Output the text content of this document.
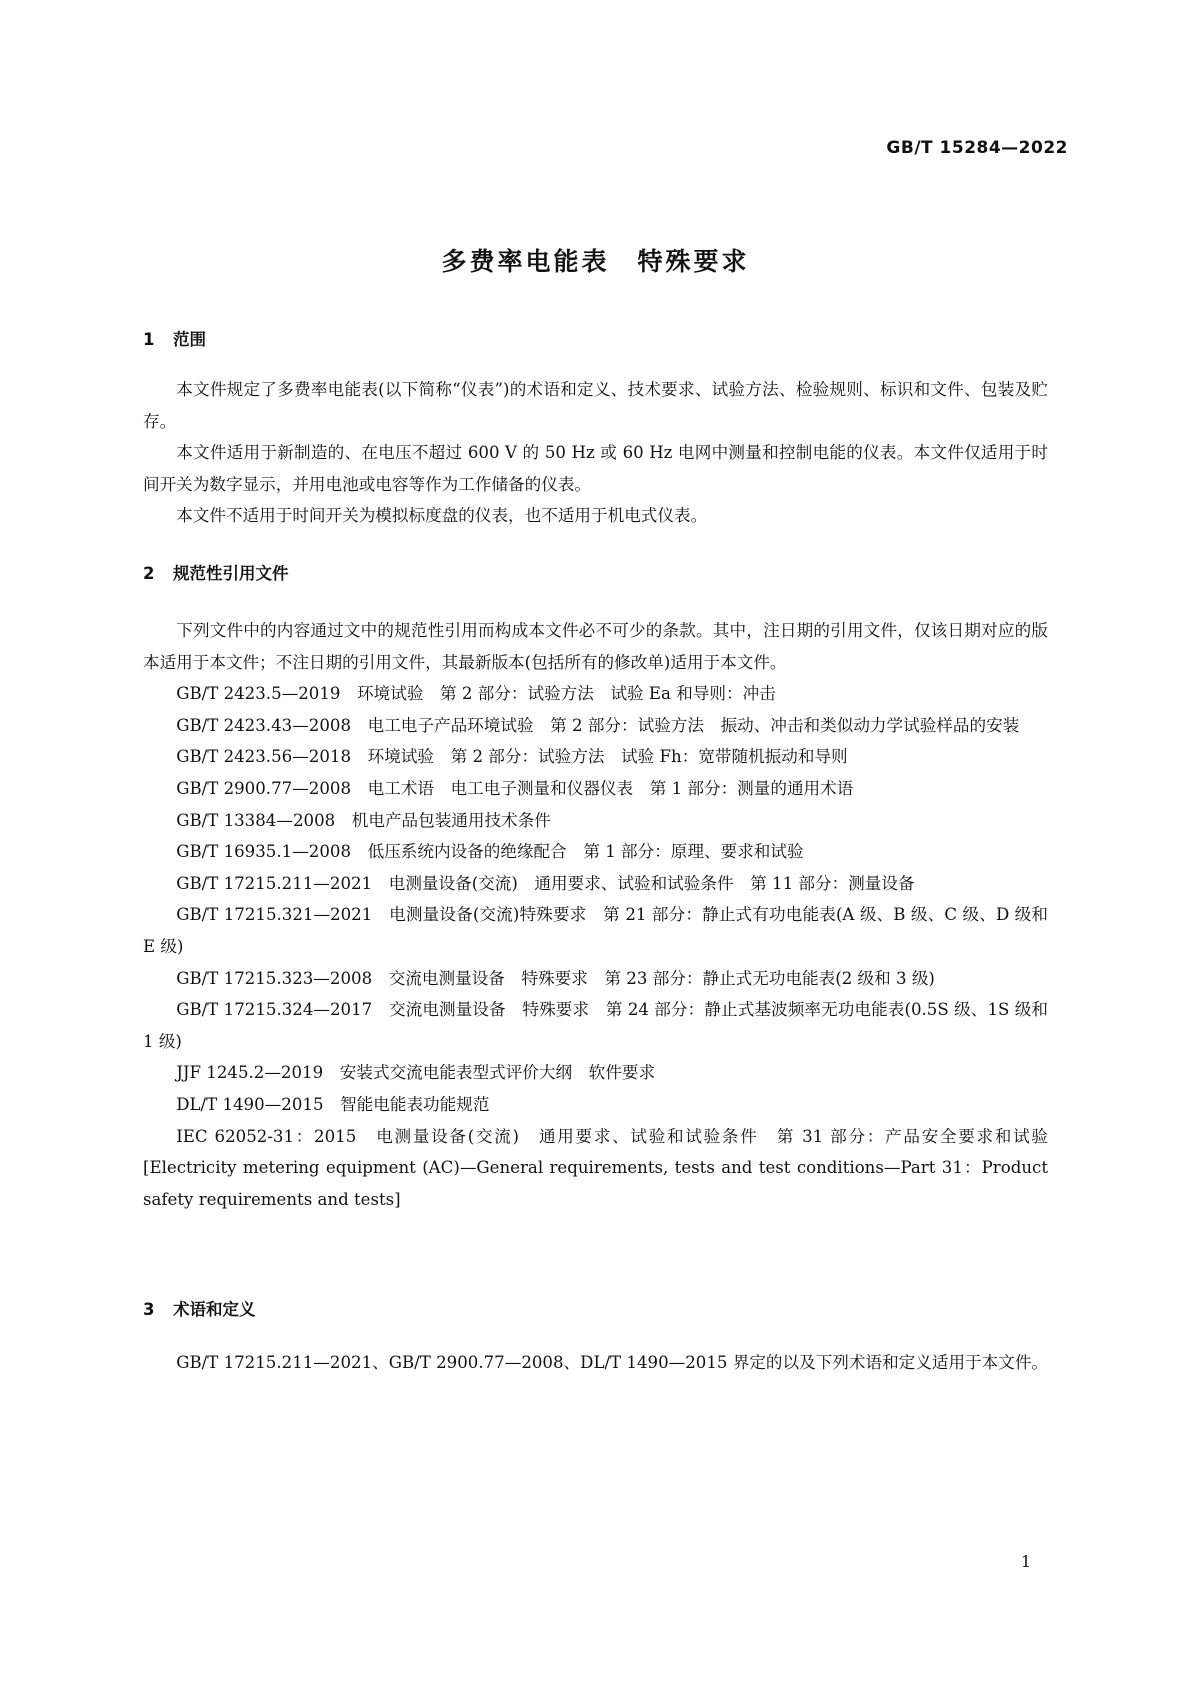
GB/T 15284—2022
多费率电能表　特殊要求
1 范围

本文件规定了多费率电能表(以下简称“仪表”)的术语和定义、技术要求、试验方法、检验规则、标识和文件、包装及贮存。

本文件适用于新制造的、在电压不超过 600 V 的 50 Hz 或 60 Hz 电网中测量和控制电能的仪表。本文件仅适用于时间开关为数字显示，并用电池或电容等作为工作储备的仪表。

本文件不适用于时间开关为模拟标度盘的仪表，也不适用于机电式仪表。

2 规范性引用文件

下列文件中的内容通过文中的规范性引用而构成本文件必不可少的条款。其中，注日期的引用文件，仅该日期对应的版本适用于本文件；不注日期的引用文件，其最新版本(包括所有的修改单)适用于本文件。

GB/T 2423.5—2019　环境试验　第 2 部分：试验方法　试验 Ea 和导则：冲击

GB/T 2423.43—2008　电工电子产品环境试验　第 2 部分：试验方法　振动、冲击和类似动力学试验样品的安装

GB/T 2423.56—2018　环境试验　第 2 部分：试验方法　试验 Fh：宽带随机振动和导则

GB/T 2900.77—2008　电工术语　电工电子测量和仪器仪表　第 1 部分：测量的通用术语

GB/T 13384—2008　机电产品包装通用技术条件

GB/T 16935.1—2008　低压系统内设备的绝缘配合　第 1 部分：原理、要求和试验

GB/T 17215.211—2021　电测量设备(交流)　通用要求、试验和试验条件　第 11 部分：测量设备

GB/T 17215.321—2021　电测量设备(交流)特殊要求　第 21 部分：静止式有功电能表(A 级、B 级、C 级、D 级和 E 级)

GB/T 17215.323—2008　交流电测量设备　特殊要求　第 23 部分：静止式无功电能表(2 级和 3 级)

GB/T 17215.324—2017　交流电测量设备　特殊要求　第 24 部分：静止式基波频率无功电能表(0.5S 级、1S 级和 1 级)

JJF 1245.2—2019　安装式交流电能表型式评价大纲　软件要求

DL/T 1490—2015　智能电能表功能规范

IEC 62052-31：2015　电测量设备(交流)　通用要求、试验和试验条件　第 31 部分：产品安全要求和试验[Electricity metering equipment (AC)—General requirements, tests and test conditions—Part 31：Product safety requirements and tests]

3 术语和定义

GB/T 17215.211—2021、GB/T 2900.77—2008、DL/T 1490—2015 界定的以及下列术语和定义适用于本文件。

1
